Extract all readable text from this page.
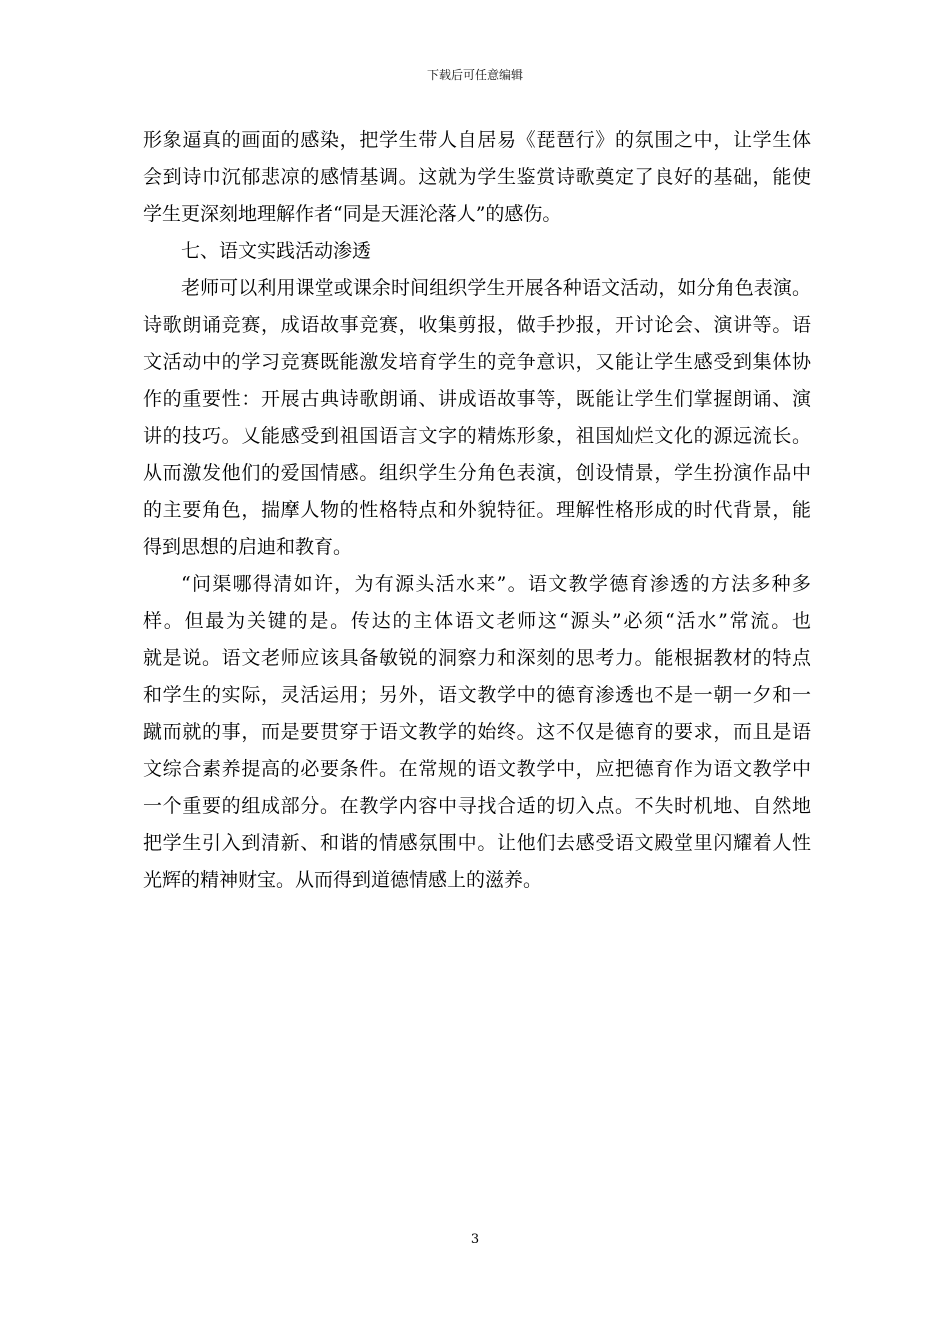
下载后可任意编辑
形象逼真的画面的感染，把学生带人自居易《琵琶行》的氛围之中，让学生体
会到诗巾沉郁悲凉的感情基调。这就为学生鉴赏诗歌奠定了良好的基础，能使
学生更深刻地理解作者“同是天涯沦落人”的感伤。
七、语文实践活动渗透
老师可以利用课堂或课余时间组织学生开展各种语文活动，如分角色表演。
诗歌朗诵竞赛，成语故事竞赛，收集剪报，做手抄报，开讨论会、演讲等。语
文活动中的学习竞赛既能激发培育学生的竞争意识，又能让学生感受到集体协
作的重要性：开展古典诗歌朗诵、讲成语故事等，既能让学生们掌握朗诵、演
讲的技巧。乂能感受到祖国语言文字的精炼形象，祖国灿烂文化的源远流长。
从而激发他们的爱国情感。组织学生分角色表演，创设情景，学生扮演作品中
的主要角色，揣摩人物的性格特点和外貌特征。理解性格形成的时代背景，能
得到思想的启迪和教育。
“问渠哪得清如许，为有源头活水来”。语文教学德育渗透的方法多种多
样。但最为关键的是。传达的主体语文老师这“源头”必须“活水”常流。也
就是说。语文老师应该具备敏锐的洞察力和深刻的思考力。能根据教材的特点
和学生的实际，灵活运用；另外，语文教学中的德育渗透也不是一朝一夕和一
蹴而就的事，而是要贯穿于语文教学的始终。这不仅是德育的要求，而且是语
文综合素养提高的必要条件。在常规的语文教学中，应把德育作为语文教学中
一个重要的组成部分。在教学内容中寻找合适的切入点。不失时机地、自然地
把学生引入到清新、和谐的情感氛围中。让他们去感受语文殿堂里闪耀着人性
光辉的精神财宝。从而得到道德情感上的滋养。
3
